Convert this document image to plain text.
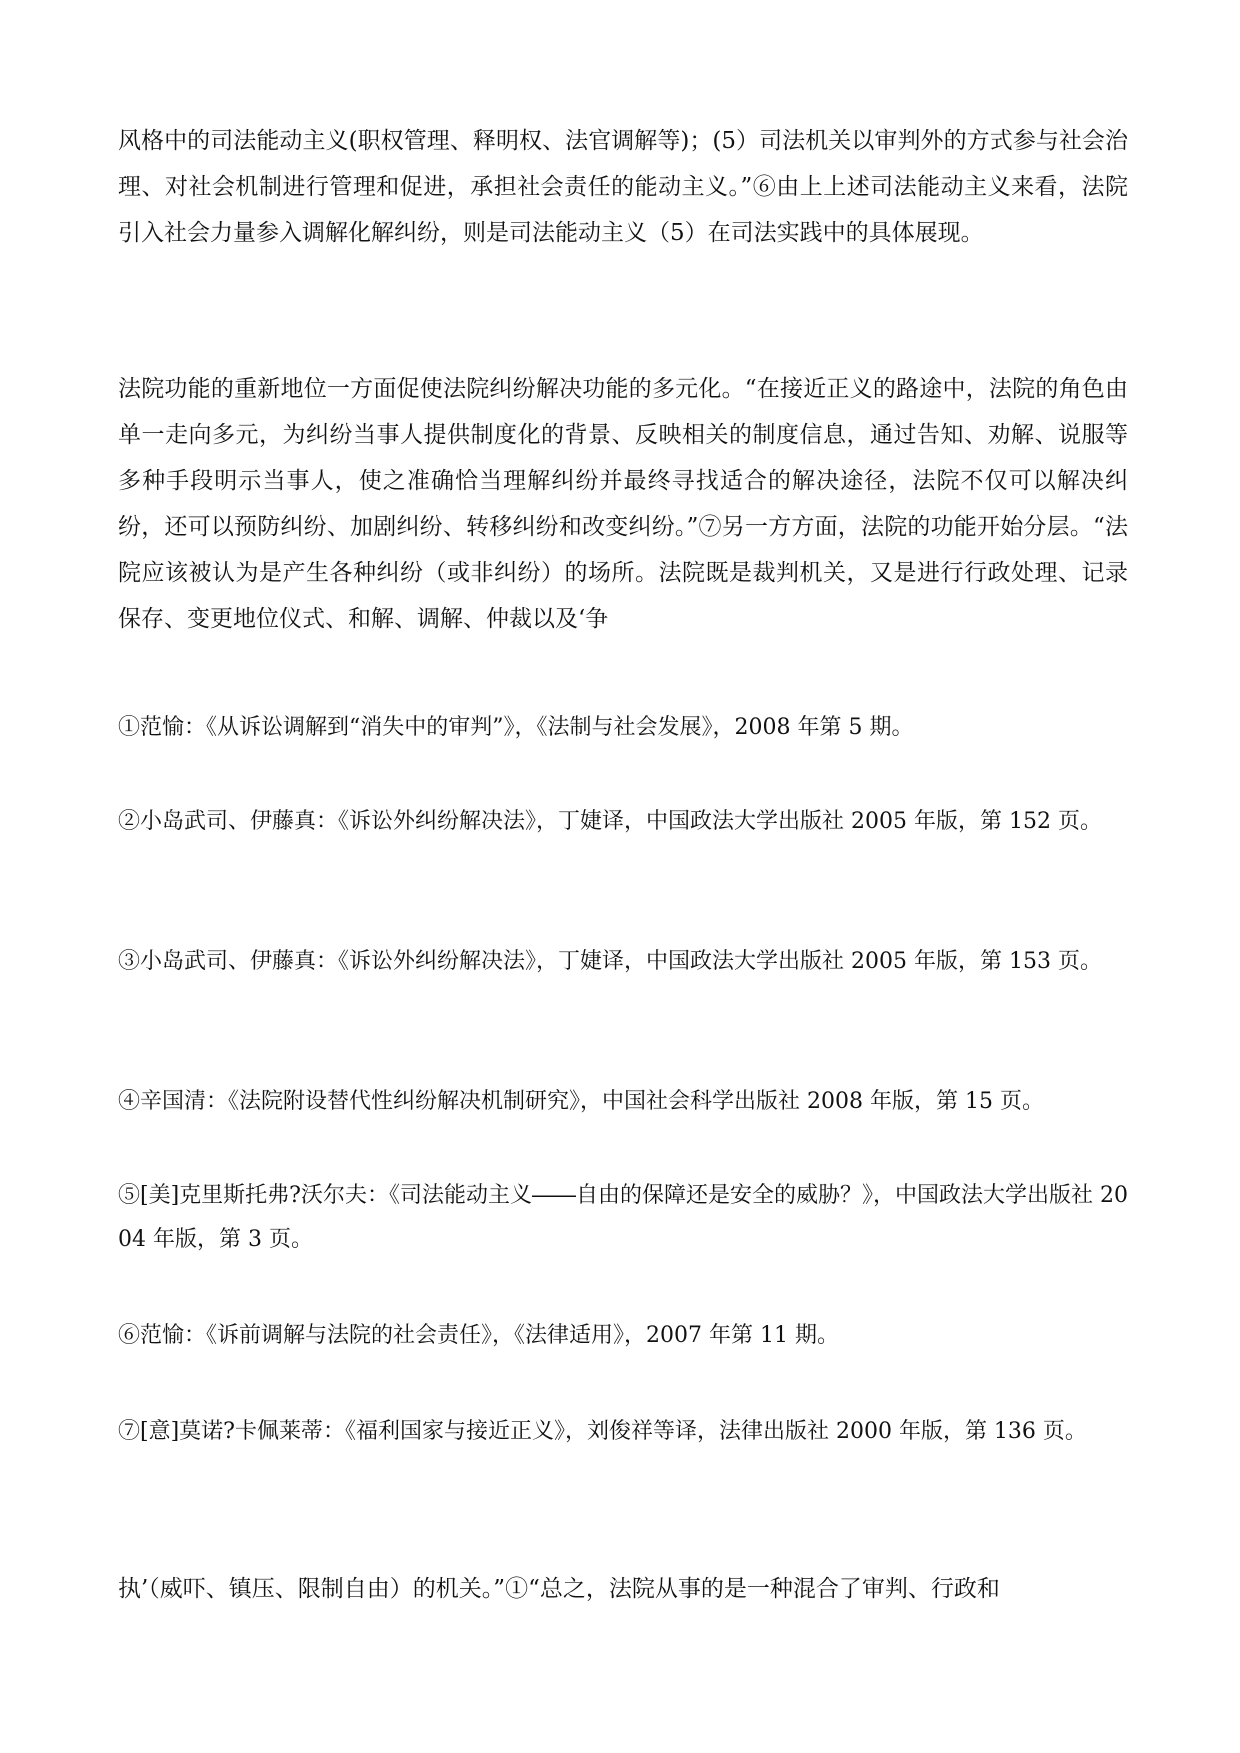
风格中的司法能动主义(职权管理、释明权、法官调解等)；(5）司法机关以审判外的方式参与社会治理、对社会机制进行管理和促进，承担社会责任的能动主义。”⑥由上上述司法能动主义来看，法院引入社会力量参入调解化解纠纷，则是司法能动主义（5）在司法实践中的具体展现。

法院功能的重新地位一方面促使法院纠纷解决功能的多元化。“在接近正义的路途中，法院的角色由单一走向多元，为纠纷当事人提供制度化的背景、反映相关的制度信息，通过告知、劝解、说服等多种手段明示当事人，使之准确恰当理解纠纷并最终寻找适合的解决途径，法院不仅可以解决纠纷，还可以预防纠纷、加剧纠纷、转移纠纷和改变纠纷。”⑦另一方方面，法院的功能开始分层。“法院应该被认为是产生各种纠纷（或非纠纷）的场所。法院既是裁判机关，又是进行行政处理、记录保存、变更地位仪式、和解、调解、仲裁以及‘争

①范愉：《从诉讼调解到“消失中的审判”》，《法制与社会发展》，2008 年第 5 期。

②小岛武司、伊藤真：《诉讼外纠纷解决法》，丁婕译，中国政法大学出版社 2005 年版，第 152 页。

③小岛武司、伊藤真：《诉讼外纠纷解决法》，丁婕译，中国政法大学出版社 2005 年版，第 153 页。

④辛国清：《法院附设替代性纠纷解决机制研究》，中国社会科学出版社 2008 年版，第 15 页。

⑤[美]克里斯托弗?沃尔夫：《司法能动主义――自由的保障还是安全的威胁？》，中国政法大学出版社 2004 年版，第 3 页。

⑥范愉：《诉前调解与法院的社会责任》，《法律适用》，2007 年第 11 期。

⑦[意]莫诺?卡佩莱蒂：《福利国家与接近正义》，刘俊祥等译，法律出版社 2000 年版，第 136 页。

执’（威吓、镇压、限制自由）的机关。”①“总之，法院从事的是一种混合了审判、行政和
